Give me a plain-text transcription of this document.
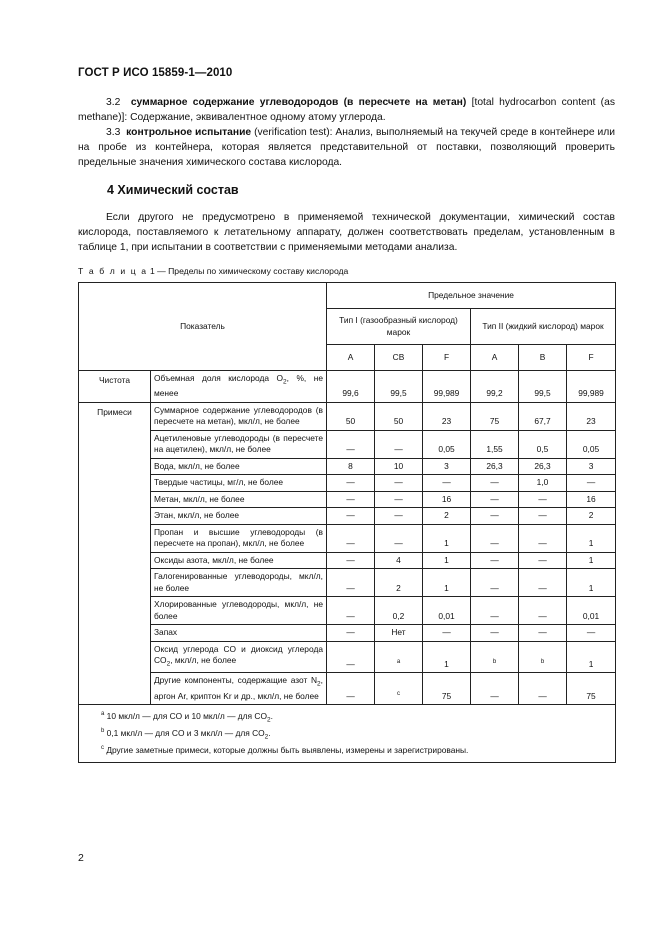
ГОСТ Р ИСО 15859-1—2010

3.2 суммарное содержание углеводородов (в пересчете на метан) [total hydrocarbon content (as methane)]: Содержание, эквивалентное одному атому углерода.

3.3 контрольное испытание (verification test): Анализ, выполняемый на текучей среде в контейнере или на пробе из контейнера, которая является представительной от поставки, позволяющий проверить предельные значения химического состава кислорода.

4 Химический состав

Если другого не предусмотрено в применяемой технической документации, химический состав кислорода, поставляемого к летательному аппарату, должен соответствовать пределам, установленным в таблице 1, при испытании в соответствии с применяемыми методами анализа.

Т а б л и ц а 1 — Пределы по химическому составу кислорода
Показатель		Предельное значение					
		Тип I (газообразный кислород) марок			Тип II (жидкий кислород) марок		
		A	CB	F	A	B	F
Чистота	Объемная доля кислорода $O_2$, %, не менее	99,6	99,5	99,989	99,2	99,5	99,989
Примеси	Суммарное содержание углеводородов (в пересчете на метан), мкл/л, не более	50	50	23	75	67,7	23
	Ацетиленовые углеводороды (в пересчете на ацетилен), мкл/л, не более	—	—	0,05	1,55	0,5	0,05
	Вода, мкл/л, не более	8	10	3	26,3	26,3	3
	Твердые частицы, мг/л, не более	—	—	—	—	1,0	—
	Метан, мкл/л, не более	—	—	16	—	—	16
	Этан, мкл/л, не более	—	—	2	—	—	2
	Пропан и высшие углеводороды (в пересчете на пропан), мкл/л, не более	—	—	1	—	—	1
	Оксиды азота, мкл/л, не более	—	4	1	—	—	1
	Галогенированные углеводороды, мкл/л, не более	—	2	1	—	—	1
	Хлорированные углеводороды, мкл/л, не более	—	0,2	0,01	—	—	0,01
	Запах	—	Нет	—	—	—	—
	Оксид углерода CO и диоксид углерода $CO_2$, мкл/л, не более	—	$^a$	1	$^b$	$^b$	1
	Другие компоненты, содержащие азот $N_2$, аргон Ar, криптон Kr и др., мкл/л, не более	—	$^c$	75	—	—	75

$^a$ 10 мкл/л — для CO и 10 мкл/л — для $CO_2$.
$^b$ 0,1 мкл/л — для CO и 3 мкл/л — для $CO_2$.
$^c$ Другие заметные примеси, которые должны быть выявлены, измерены и зарегистрированы.							
2
